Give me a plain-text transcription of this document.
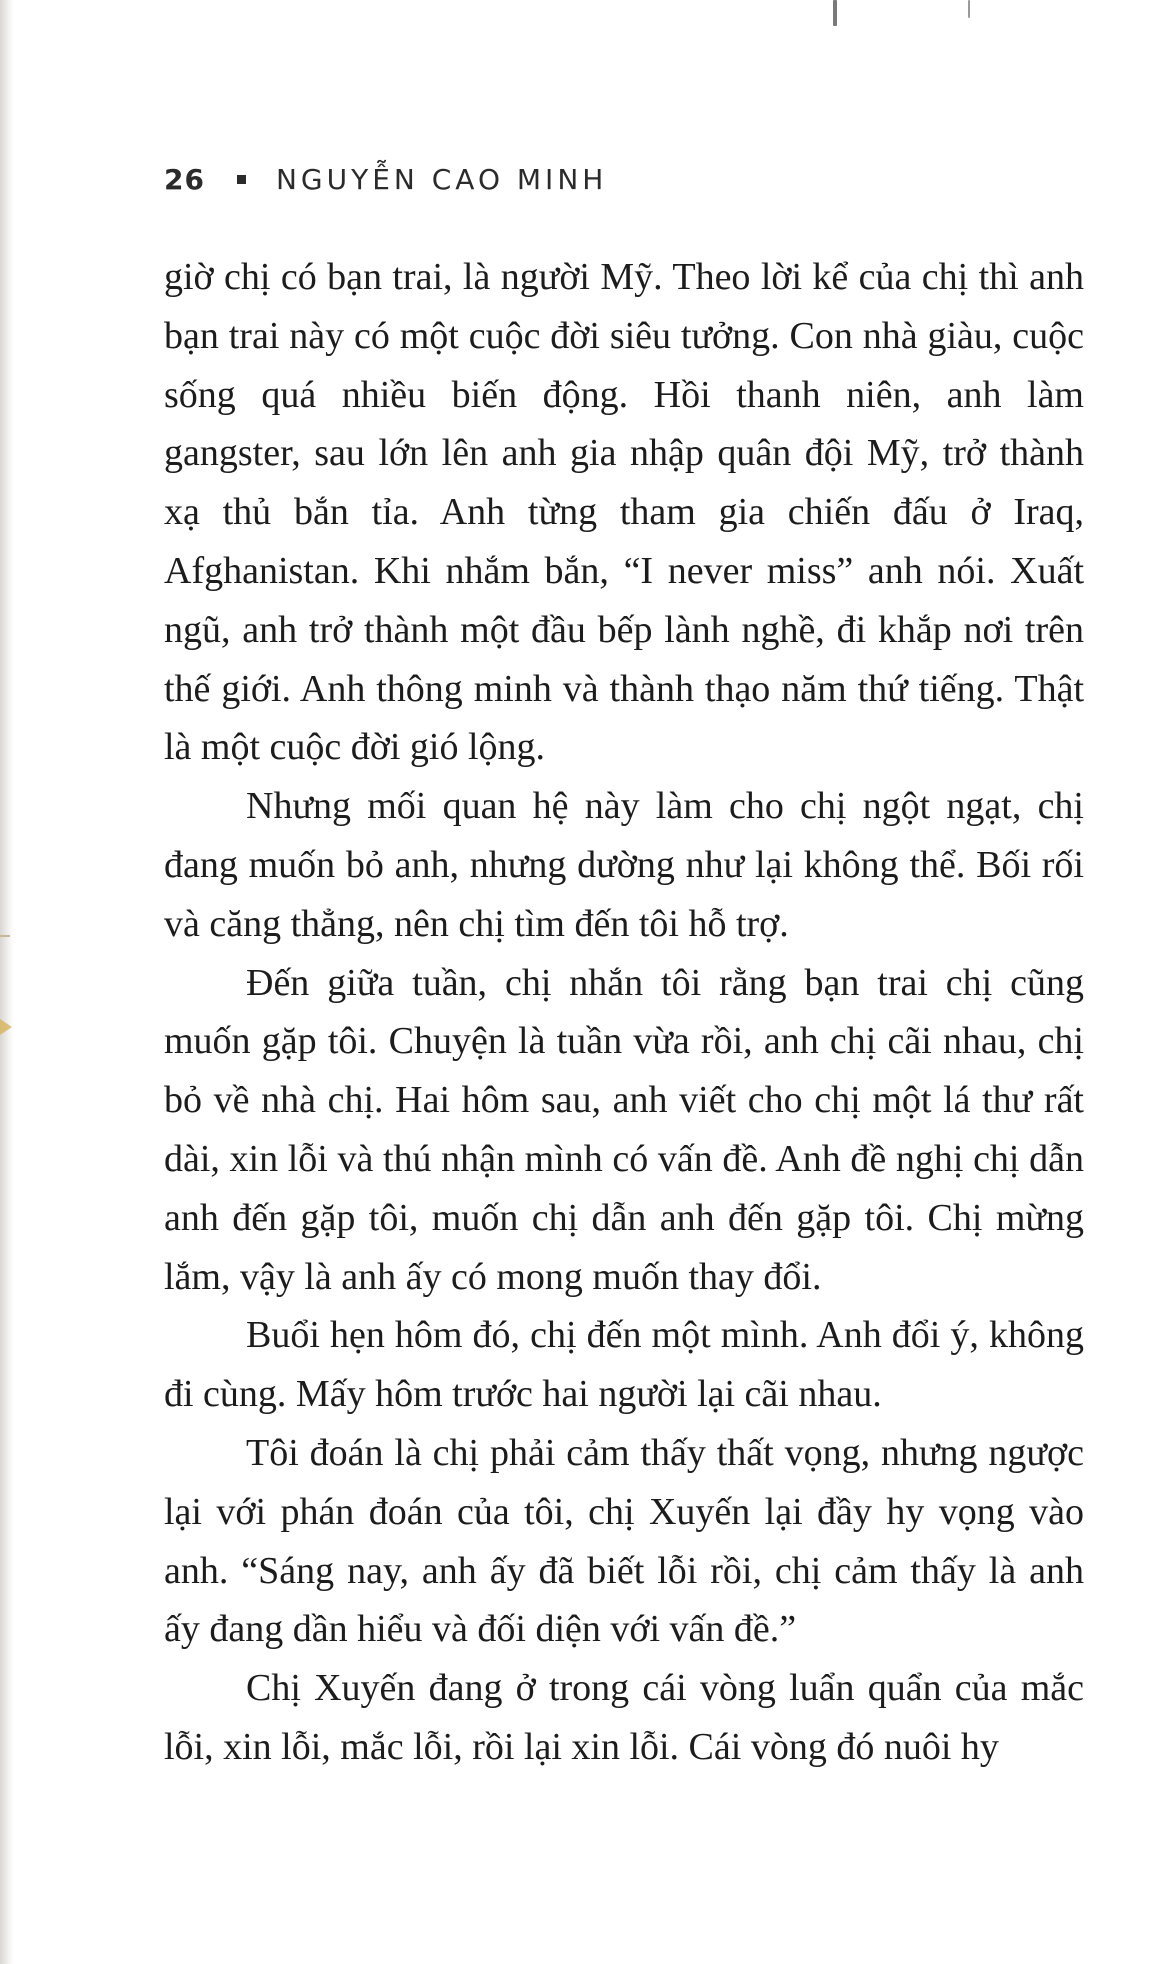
26	NGUYỄN CAO MINH

giờ chị có bạn trai, là người Mỹ. Theo lời kể của chị thì anh bạn trai này có một cuộc đời siêu tưởng. Con nhà giàu, cuộc sống quá nhiều biến động. Hồi thanh niên, anh làm gangster, sau lớn lên anh gia nhập quân đội Mỹ, trở thành xạ thủ bắn tỉa. Anh từng tham gia chiến đấu ở Iraq, Afghanistan. Khi nhắm bắn, “I never miss” anh nói. Xuất ngũ, anh trở thành một đầu bếp lành nghề, đi khắp nơi trên thế giới. Anh thông minh và thành thạo năm thứ tiếng. Thật là một cuộc đời gió lộng.

Nhưng mối quan hệ này làm cho chị ngột ngạt, chị đang muốn bỏ anh, nhưng dường như lại không thể. Bối rối và căng thẳng, nên chị tìm đến tôi hỗ trợ.

Đến giữa tuần, chị nhắn tôi rằng bạn trai chị cũng muốn gặp tôi. Chuyện là tuần vừa rồi, anh chị cãi nhau, chị bỏ về nhà chị. Hai hôm sau, anh viết cho chị một lá thư rất dài, xin lỗi và thú nhận mình có vấn đề. Anh đề nghị chị dẫn anh đến gặp tôi, muốn chị dẫn anh đến gặp tôi. Chị mừng lắm, vậy là anh ấy có mong muốn thay đổi.

Buổi hẹn hôm đó, chị đến một mình. Anh đổi ý, không đi cùng. Mấy hôm trước hai người lại cãi nhau.

Tôi đoán là chị phải cảm thấy thất vọng, nhưng ngược lại với phán đoán của tôi, chị Xuyến lại đầy hy vọng vào anh. “Sáng nay, anh ấy đã biết lỗi rồi, chị cảm thấy là anh ấy đang dần hiểu và đối diện với vấn đề.”

Chị Xuyến đang ở trong cái vòng luẩn quẩn của mắc lỗi, xin lỗi, mắc lỗi, rồi lại xin lỗi. Cái vòng đó nuôi hy
